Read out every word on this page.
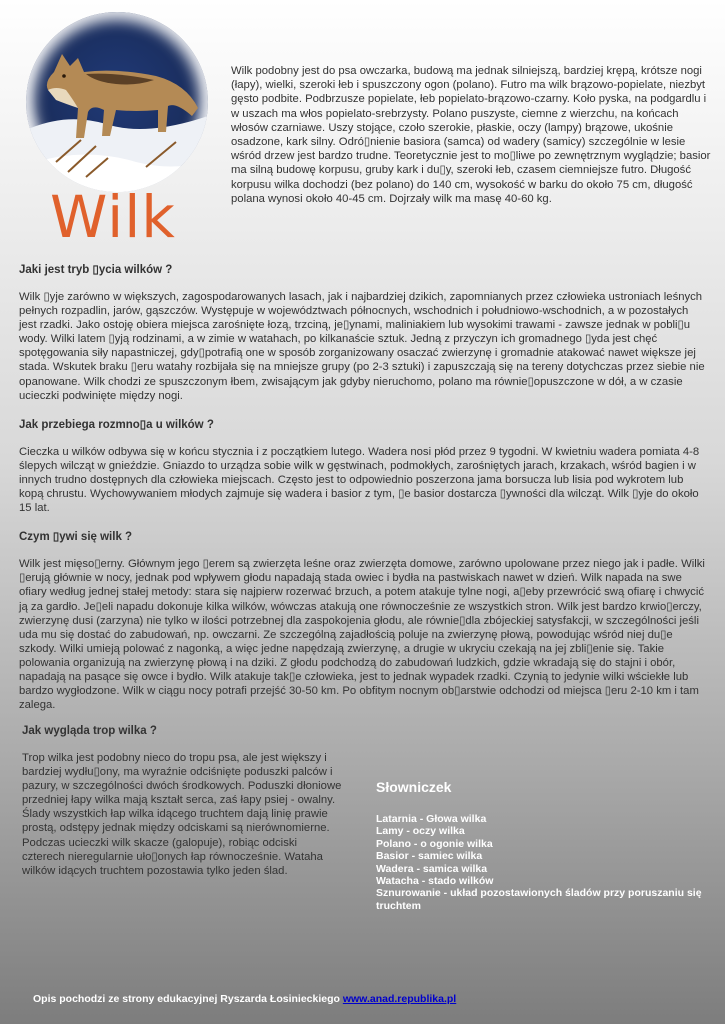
Wilk
Wilk podobny jest do psa owczarka, budową ma jednak silniejszą, bardziej krępą, krótsze nogi (łapy), wielki, szeroki łeb i spuszczony ogon (polano). Futro ma wilk brązowo-popielate, niezbyt gęsto podbite. Podbrzusze popielate, łeb popielato-brązowo-czarny. Koło pyska, na podgardlu i w uszach ma włos popielato-srebrzysty. Polano puszyste, ciemne z wierzchu, na końcach włosów czarniawe. Uszy stojące, czoło szerokie, płaskie, oczy (lampy) brązowe, ukośnie osadzone, kark silny. Odró▯nienie basiora (samca) od wadery (samicy) szczególnie w lesie wśród drzew jest bardzo trudne. Teoretycznie jest to mo▯liwe po zewnętrznym wyglądzie; basior ma silną budowę korpusu, gruby kark i du▯y, szeroki łeb, czasem ciemniejsze futro. Długość korpusu wilka dochodzi (bez polano) do 140 cm, wysokość w barku do około 75 cm, długość polana wynosi około 40-45 cm. Dojrzały wilk ma masę 40-60 kg.
Jaki jest tryb ▯ycia wilków ?

Wilk ▯yje zarówno w większych, zagospodarowanych lasach, jak i najbardziej dzikich, zapomnianych przez człowieka ustroniach leśnych pełnych rozpadlin, jarów, gąszczów. Występuje w województwach północnych, wschodnich i południowo-wschodnich, a w pozostałych jest rzadki. Jako ostoję obiera miejsca zarośnięte łozą, trzciną, je▯ynami, maliniakiem lub wysokimi trawami - zawsze jednak w pobli▯u wody. Wilki latem ▯yją rodzinami, a w zimie w watahach, po kilkanaście sztuk. Jedną z przyczyn ich gromadnego ▯yda jest chęć spotęgowania siły napastniczej, gdy▯potrafią one w sposób zorganizowany osaczać zwierzynę i gromadnie atakować nawet większe jej stada. Wskutek braku ▯eru watahy rozbijała się na mniejsze grupy (po 2-3 sztuki) i zapuszczają się na tereny dotychczas przez siebie nie opanowane. Wilk chodzi ze spuszczonym łbem, zwisającym jak gdyby nieruchomo, polano ma równie▯opuszczone w dół, a w czasie ucieczki podwinięte między nogi.

Jak przebiega rozmno▯a u wilków ?

Cieczka u wilków odbywa się w końcu stycznia i z początkiem lutego. Wadera nosi płód przez 9 tygodni. W kwietniu wadera pomiata 4-8 ślepych wilcząt w gnieździe. Gniazdo to urządza sobie wilk w gęstwinach, podmokłych, zarośniętych jarach, krzakach, wśród bagien i w innych trudno dostępnych dla człowieka miejscach. Często jest to odpowiednio poszerzona jama borsucza lub lisia pod wykrotem lub kopą chrustu. Wychowywaniem młodych zajmuje się wadera i basior z tym, ▯e basior dostarcza ▯ywności dla wilcząt. Wilk ▯yje do około 15 lat.

Czym ▯ywi się wilk ?

Wilk jest mięso▯erny. Głównym jego ▯erem są zwierzęta leśne oraz zwierzęta domowe, zarówno upolowane przez niego jak i padłe. Wilki ▯erują głównie w nocy, jednak pod wpływem głodu napadają stada owiec i bydła na pastwiskach nawet w dzień. Wilk napada na swe ofiary według jednej stałej metody: stara się najpierw rozerwać brzuch, a potem atakuje tylne nogi, a▯eby przewrócić swą ofiarę i chwycić ją za gardło. Je▯eli napadu dokonuje kilka wilków, wówczas atakują one równocześnie ze wszystkich stron. Wilk jest bardzo krwio▯erczy, zwierzynę dusi (zarzyna) nie tylko w ilości potrzebnej dla zaspokojenia głodu, ale równie▯dla zbójeckiej satysfakcji, w szczególności jeśli uda mu się dostać do zabudowań, np. owczarni. Ze szczególną zajadłością poluje na zwierzynę płową, powodując wśród niej du▯e szkody. Wilki umieją polować z nagonką, a więc jedne napędzają zwierzynę, a drugie w ukryciu czekają na jej zbli▯enie się. Takie polowania organizują na zwierzynę płową i na dziki. Z głodu podchodzą do zabudowań ludzkich, gdzie wkradają się do stajni i obór, napadają na pasące się owce i bydło. Wilk atakuje tak▯e człowieka, jest to jednak wypadek rzadki. Czynią to jedynie wilki wściekłe lub bardzo wygłodzone. Wilk w ciągu nocy potrafi przejść 30-50 km. Po obfitym nocnym ob▯arstwie odchodzi od miejsca ▯eru 2-10 km i tam zalega.

Jak wygląda trop wilka ?

Trop wilka jest podobny nieco do tropu psa, ale jest większy i bardziej wydłu▯ony, ma wyraźnie odciśnięte poduszki palców i pazury, w szczególności dwóch środkowych. Poduszki dłoniowe przedniej łapy wilka mają kształt serca, zaś łapy psiej - owalny. Ślady wszystkich łap wilka idącego truchtem dają linię prawie prostą, odstępy jednak między odciskami są nierównomierne. Podczas ucieczki wilk skacze (galopuje), robiąc odciski czterech nieregularnie uło▯onych łap równocześnie. Wataha wilków idących truchtem pozostawia tylko jeden ślad.

Słowniczek
Latarnia - Głowa wilka
Lamy - oczy wilka
Polano - o ogonie wilka
Basior - samiec wilka
Wadera - samica wilka
Watacha - stado wilków
Sznurowanie - układ pozostawionych śladów przy poruszaniu się truchtem
Opis pochodzi ze strony edukacyjnej Ryszarda Łosinieckiego www.anad.republika.pl
